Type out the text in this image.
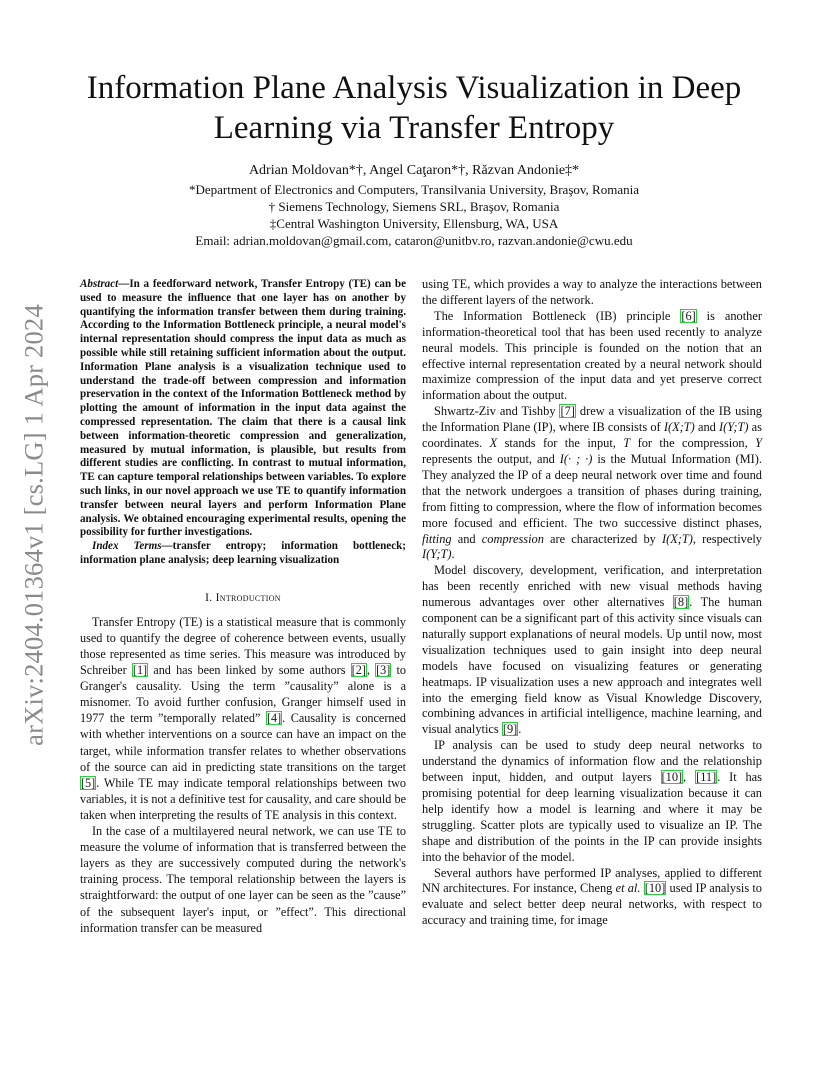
arXiv:2404.01364v1 [cs.LG] 1 Apr 2024
Information Plane Analysis Visualization in Deep
Learning via Transfer Entropy
Adrian Moldovan*†, Angel Caţaron*†, Răzvan Andonie‡*
*Department of Electronics and Computers, Transilvania University, Braşov, Romania
† Siemens Technology, Siemens SRL, Braşov, Romania
‡Central Washington University, Ellensburg, WA, USA
Email: adrian.moldovan@gmail.com, cataron@unitbv.ro, razvan.andonie@cwu.edu

Abstract—In a feedforward network, Transfer Entropy (TE) can be used to measure the influence that one layer has on another by quantifying the information transfer between them during training. According to the Information Bottleneck principle, a neural model's internal representation should compress the input data as much as possible while still retaining sufficient information about the output. Information Plane analysis is a visualization technique used to understand the trade-off between compression and information preservation in the context of the Information Bottleneck method by plotting the amount of information in the input data against the compressed representation. The claim that there is a causal link between information-theoretic compression and generalization, measured by mutual information, is plausible, but results from different studies are conflicting. In contrast to mutual information, TE can capture temporal relationships between variables. To explore such links, in our novel approach we use TE to quantify information transfer between neural layers and perform Information Plane analysis. We obtained encouraging experimental results, opening the possibility for further investigations.

Index Terms—transfer entropy; information bottleneck; information plane analysis; deep learning visualization

I. Introduction

Transfer Entropy (TE) is a statistical measure that is commonly used to quantify the degree of coherence between events, usually those represented as time series. This measure was introduced by Schreiber [1] and has been linked by some authors [2], [3] to Granger's causality. Using the term ”causality” alone is a misnomer. To avoid further confusion, Granger himself used in 1977 the term ”temporally related” [4]. Causality is concerned with whether interventions on a source can have an impact on the target, while information transfer relates to whether observations of the source can aid in predicting state transitions on the target [5]. While TE may indicate temporal relationships between two variables, it is not a definitive test for causality, and care should be taken when interpreting the results of TE analysis in this context.

In the case of a multilayered neural network, we can use TE to measure the volume of information that is transferred between the layers as they are successively computed during the network's training process. The temporal relationship between the layers is straightforward: the output of one layer can be seen as the ”cause” of the subsequent layer's input, or ”effect”. This directional information transfer can be measured

using TE, which provides a way to analyze the interactions between the different layers of the network.

The Information Bottleneck (IB) principle [6] is another information-theoretical tool that has been used recently to analyze neural models. This principle is founded on the notion that an effective internal representation created by a neural network should maximize compression of the input data and yet preserve correct information about the output.

Shwartz-Ziv and Tishby [7] drew a visualization of the IB using the Information Plane (IP), where IB consists of I(X;T) and I(Y;T) as coordinates. X stands for the input, T for the compression, Y represents the output, and I(· ; ·) is the Mutual Information (MI). They analyzed the IP of a deep neural network over time and found that the network undergoes a transition of phases during training, from fitting to compression, where the flow of information becomes more focused and efficient. The two successive distinct phases, fitting and compression are characterized by I(X;T), respectively I(Y;T).

Model discovery, development, verification, and interpretation has been recently enriched with new visual methods having numerous advantages over other alternatives [8]. The human component can be a significant part of this activity since visuals can naturally support explanations of neural models. Up until now, most visualization techniques used to gain insight into deep neural models have focused on visualizing features or generating heatmaps. IP visualization uses a new approach and integrates well into the emerging field know as Visual Knowledge Discovery, combining advances in artificial intelligence, machine learning, and visual analytics [9].

IP analysis can be used to study deep neural networks to understand the dynamics of information flow and the relationship between input, hidden, and output layers [10], [11]. It has promising potential for deep learning visualization because it can help identify how a model is learning and where it may be struggling. Scatter plots are typically used to visualize an IP. The shape and distribution of the points in the IP can provide insights into the behavior of the model.

Several authors have performed IP analyses, applied to different NN architectures. For instance, Cheng et al. [10] used IP analysis to evaluate and select better deep neural networks, with respect to accuracy and training time, for image
